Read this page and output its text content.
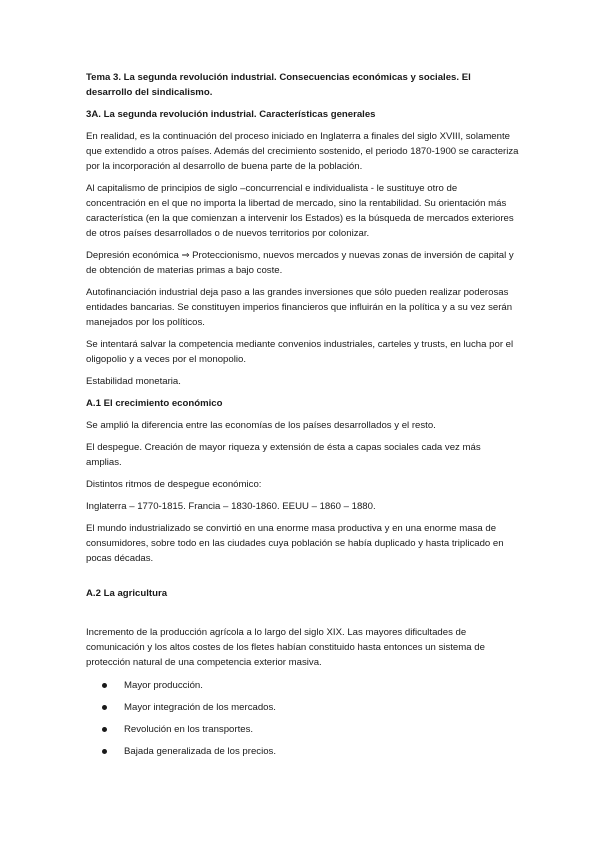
Tema 3. La segunda revolución industrial. Consecuencias económicas y sociales. El desarrollo del sindicalismo.

3A. La segunda revolución industrial. Características generales

En realidad, es la continuación del proceso iniciado en Inglaterra a finales del siglo XVIII, solamente que extendido a otros países. Además del crecimiento sostenido, el periodo 1870-1900 se caracteriza por la incorporación al desarrollo de buena parte de la población.

Al capitalismo de principios de siglo –concurrencial e individualista - le sustituye otro de concentración en el que no importa la libertad de mercado, sino la rentabilidad. Su orientación más característica (en la que comienzan a intervenir los Estados) es la búsqueda de mercados exteriores de otros países desarrollados o de nuevos territorios por colonizar.

Depresión económica ⇒ Proteccionismo, nuevos mercados y nuevas zonas de inversión de capital y de obtención de materias primas a bajo coste.

Autofinanciación industrial deja paso a las grandes inversiones que sólo pueden realizar poderosas entidades bancarias. Se constituyen imperios financieros que influirán en la política y a su vez serán manejados por los políticos.

Se intentará salvar la competencia mediante convenios industriales, carteles y trusts, en lucha por el oligopolio y a veces por el monopolio.

Estabilidad monetaria.

A.1 El crecimiento económico

Se amplió la diferencia entre las economías de los países desarrollados y el resto.

El despegue. Creación de mayor riqueza y extensión de ésta a capas sociales cada vez más amplias.

Distintos ritmos de despegue económico:

Inglaterra – 1770-1815. Francia – 1830-1860. EEUU – 1860 – 1880.

El mundo industrializado se convirtió en una enorme masa productiva y en una enorme masa de consumidores, sobre todo en las ciudades cuya población se había duplicado y hasta triplicado en pocas décadas.

A.2 La agricultura

Incremento de la producción agrícola a lo largo del siglo XIX. Las mayores dificultades de comunicación y los altos costes de los fletes habían constituido hasta entonces un sistema de protección natural de una competencia exterior masiva.

Mayor producción.
Mayor integración de los mercados.
Revolución en los transportes.
Bajada generalizada de los precios.
